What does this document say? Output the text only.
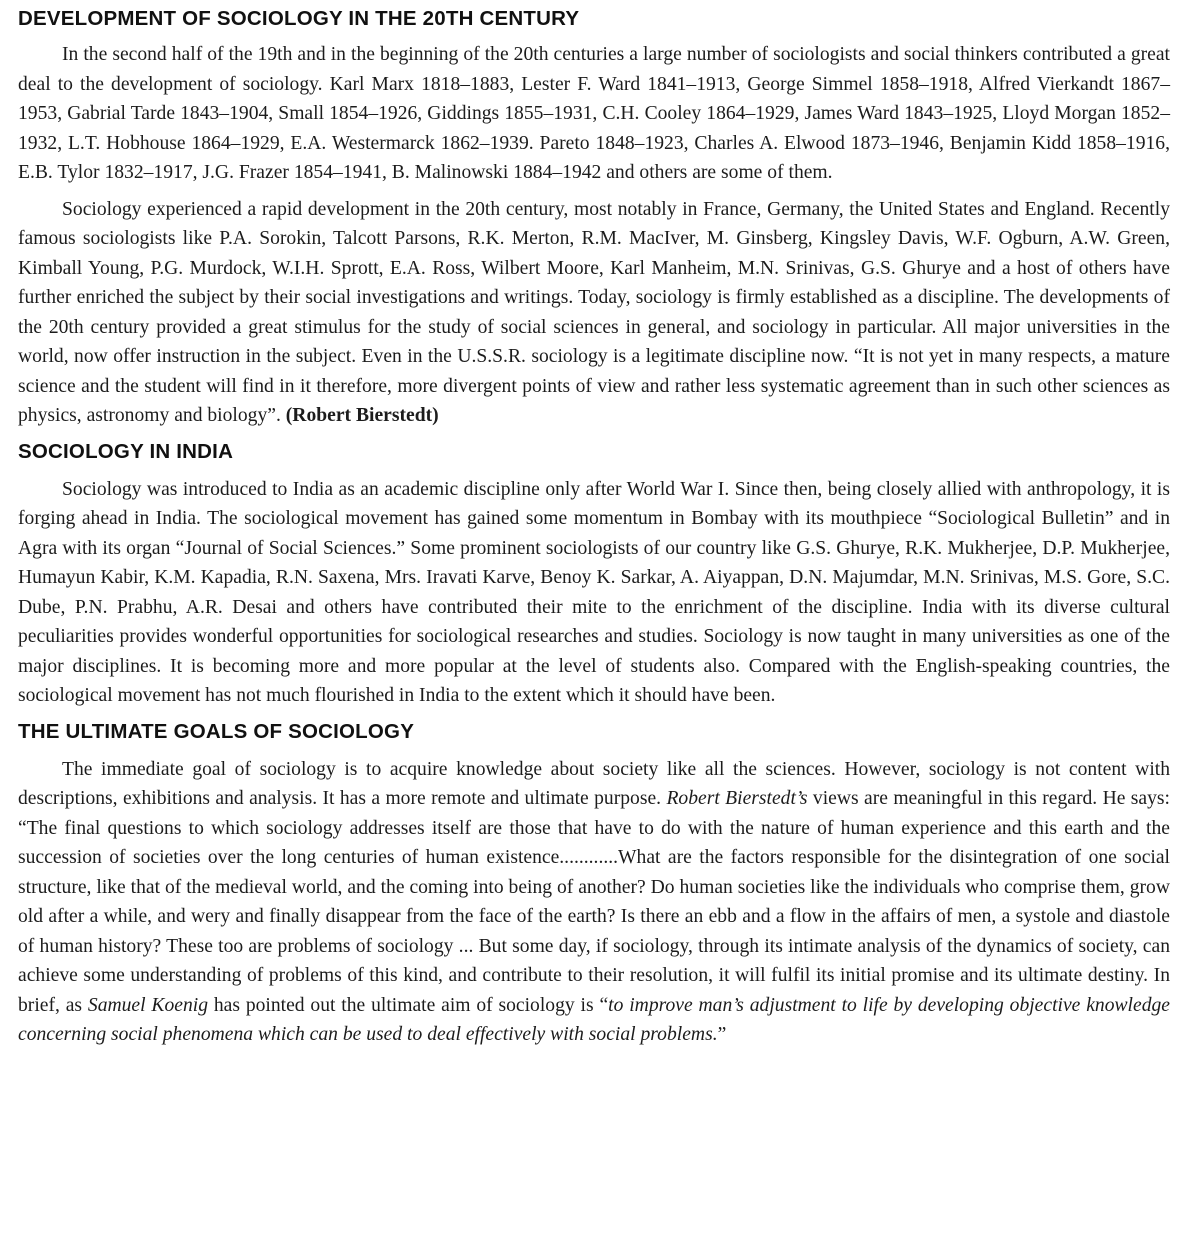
DEVELOPMENT OF SOCIOLOGY IN THE 20TH CENTURY

In the second half of the 19th and in the beginning of the 20th centuries a large number of sociologists and social thinkers contributed a great deal to the development of sociology. Karl Marx 1818–1883, Lester F. Ward 1841–1913, George Simmel 1858–1918, Alfred Vierkandt 1867–1953, Gabrial Tarde 1843–1904, Small 1854–1926, Giddings 1855–1931, C.H. Cooley 1864–1929, James Ward 1843–1925, Lloyd Morgan 1852–1932, L.T. Hobhouse 1864–1929, E.A. Westermarck 1862–1939. Pareto 1848–1923, Charles A. Elwood 1873–1946, Benjamin Kidd 1858–1916, E.B. Tylor 1832–1917, J.G. Frazer 1854–1941, B. Malinowski 1884–1942 and others are some of them.

Sociology experienced a rapid development in the 20th century, most notably in France, Germany, the United States and England. Recently famous sociologists like P.A. Sorokin, Talcott Parsons, R.K. Merton, R.M. MacIver, M. Ginsberg, Kingsley Davis, W.F. Ogburn, A.W. Green, Kimball Young, P.G. Murdock, W.I.H. Sprott, E.A. Ross, Wilbert Moore, Karl Manheim, M.N. Srinivas, G.S. Ghurye and a host of others have further enriched the subject by their social investigations and writings. Today, sociology is firmly established as a discipline. The developments of the 20th century provided a great stimulus for the study of social sciences in general, and sociology in particular. All major universities in the world, now offer instruction in the subject. Even in the U.S.S.R. sociology is a legitimate discipline now. “It is not yet in many respects, a mature science and the student will find in it therefore, more divergent points of view and rather less systematic agreement than in such other sciences as physics, astronomy and biology”. (Robert Bierstedt)

SOCIOLOGY IN INDIA

Sociology was introduced to India as an academic discipline only after World War I. Since then, being closely allied with anthropology, it is forging ahead in India. The sociological movement has gained some momentum in Bombay with its mouthpiece “Sociological Bulletin” and in Agra with its organ “Journal of Social Sciences.” Some prominent sociologists of our country like G.S. Ghurye, R.K. Mukherjee, D.P. Mukherjee, Humayun Kabir, K.M. Kapadia, R.N. Saxena, Mrs. Iravati Karve, Benoy K. Sarkar, A. Aiyappan, D.N. Majumdar, M.N. Srinivas, M.S. Gore, S.C. Dube, P.N. Prabhu, A.R. Desai and others have contributed their mite to the enrichment of the discipline. India with its diverse cultural peculiarities provides wonderful opportunities for sociological researches and studies. Sociology is now taught in many universities as one of the major disciplines. It is becoming more and more popular at the level of students also. Compared with the English-speaking countries, the sociological movement has not much flourished in India to the extent which it should have been.

THE ULTIMATE GOALS OF SOCIOLOGY

The immediate goal of sociology is to acquire knowledge about society like all the sciences. However, sociology is not content with descriptions, exhibitions and analysis. It has a more remote and ultimate purpose. Robert Bierstedt’s views are meaningful in this regard. He says: “The final questions to which sociology addresses itself are those that have to do with the nature of human experience and this earth and the succession of societies over the long centuries of human existence............What are the factors responsible for the disintegration of one social structure, like that of the medieval world, and the coming into being of another? Do human societies like the individuals who comprise them, grow old after a while, and wery and finally disappear from the face of the earth? Is there an ebb and a flow in the affairs of men, a systole and diastole of human history? These too are problems of sociology ... But some day, if sociology, through its intimate analysis of the dynamics of society, can achieve some understanding of problems of this kind, and contribute to their resolution, it will fulfil its initial promise and its ultimate destiny. In brief, as Samuel Koenig has pointed out the ultimate aim of sociology is “to improve man’s adjustment to life by developing objective knowledge concerning social phenomena which can be used to deal effectively with social problems.”
